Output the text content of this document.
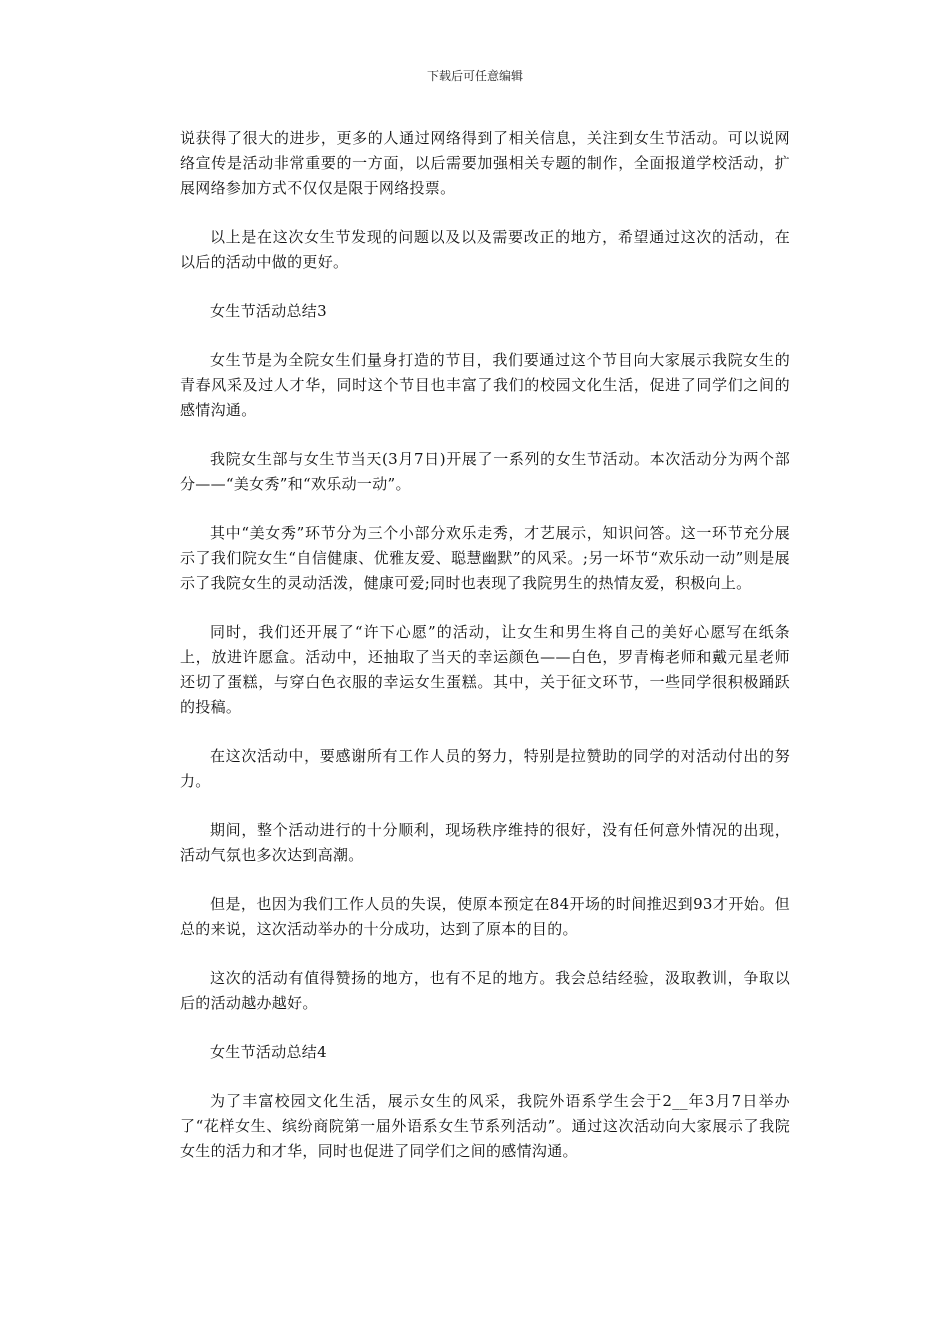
下载后可任意编辑

说获得了很大的进步，更多的人通过网络得到了相关信息，关注到女生节活动。可以说网络宣传是活动非常重要的一方面，以后需要加强相关专题的制作，全面报道学校活动，扩展网络参加方式不仅仅是限于网络投票。

以上是在这次女生节发现的问题以及以及需要改正的地方，希望通过这次的活动，在以后的活动中做的更好。

女生节活动总结3

女生节是为全院女生们量身打造的节目，我们要通过这个节目向大家展示我院女生的青春风采及过人才华，同时这个节目也丰富了我们的校园文化生活，促进了同学们之间的感情沟通。

我院女生部与女生节当天(3月7日)开展了一系列的女生节活动。本次活动分为两个部分——“美女秀”和“欢乐动一动”。

其中“美女秀”环节分为三个小部分欢乐走秀，才艺展示，知识问答。这一环节充分展示了我们院女生“自信健康、优雅友爱、聪慧幽默”的风采。;另一坏节“欢乐动一动”则是展示了我院女生的灵动活泼，健康可爱;同时也表现了我院男生的热情友爱，积极向上。

同时，我们还开展了“许下心愿”的活动，让女生和男生将自己的美好心愿写在纸条上，放进许愿盒。活动中，还抽取了当天的幸运颜色——白色，罗青梅老师和戴元星老师还切了蛋糕，与穿白色衣服的幸运女生蛋糕。其中，关于征文环节，一些同学很积极踊跃的投稿。

在这次活动中，要感谢所有工作人员的努力，特别是拉赞助的同学的对活动付出的努力。

期间，整个活动进行的十分顺利，现场秩序维持的很好，没有任何意外情况的出现，活动气氛也多次达到高潮。

但是，也因为我们工作人员的失误，使原本预定在84开场的时间推迟到93才开始。但总的来说，这次活动举办的十分成功，达到了原本的目的。

这次的活动有值得赞扬的地方，也有不足的地方。我会总结经验，汲取教训，争取以后的活动越办越好。

女生节活动总结4

为了丰富校园文化生活，展示女生的风采，我院外语系学生会于2__年3月7日举办了“花样女生、缤纷商院第一届外语系女生节系列活动”。通过这次活动向大家展示了我院女生的活力和才华，同时也促进了同学们之间的感情沟通。
